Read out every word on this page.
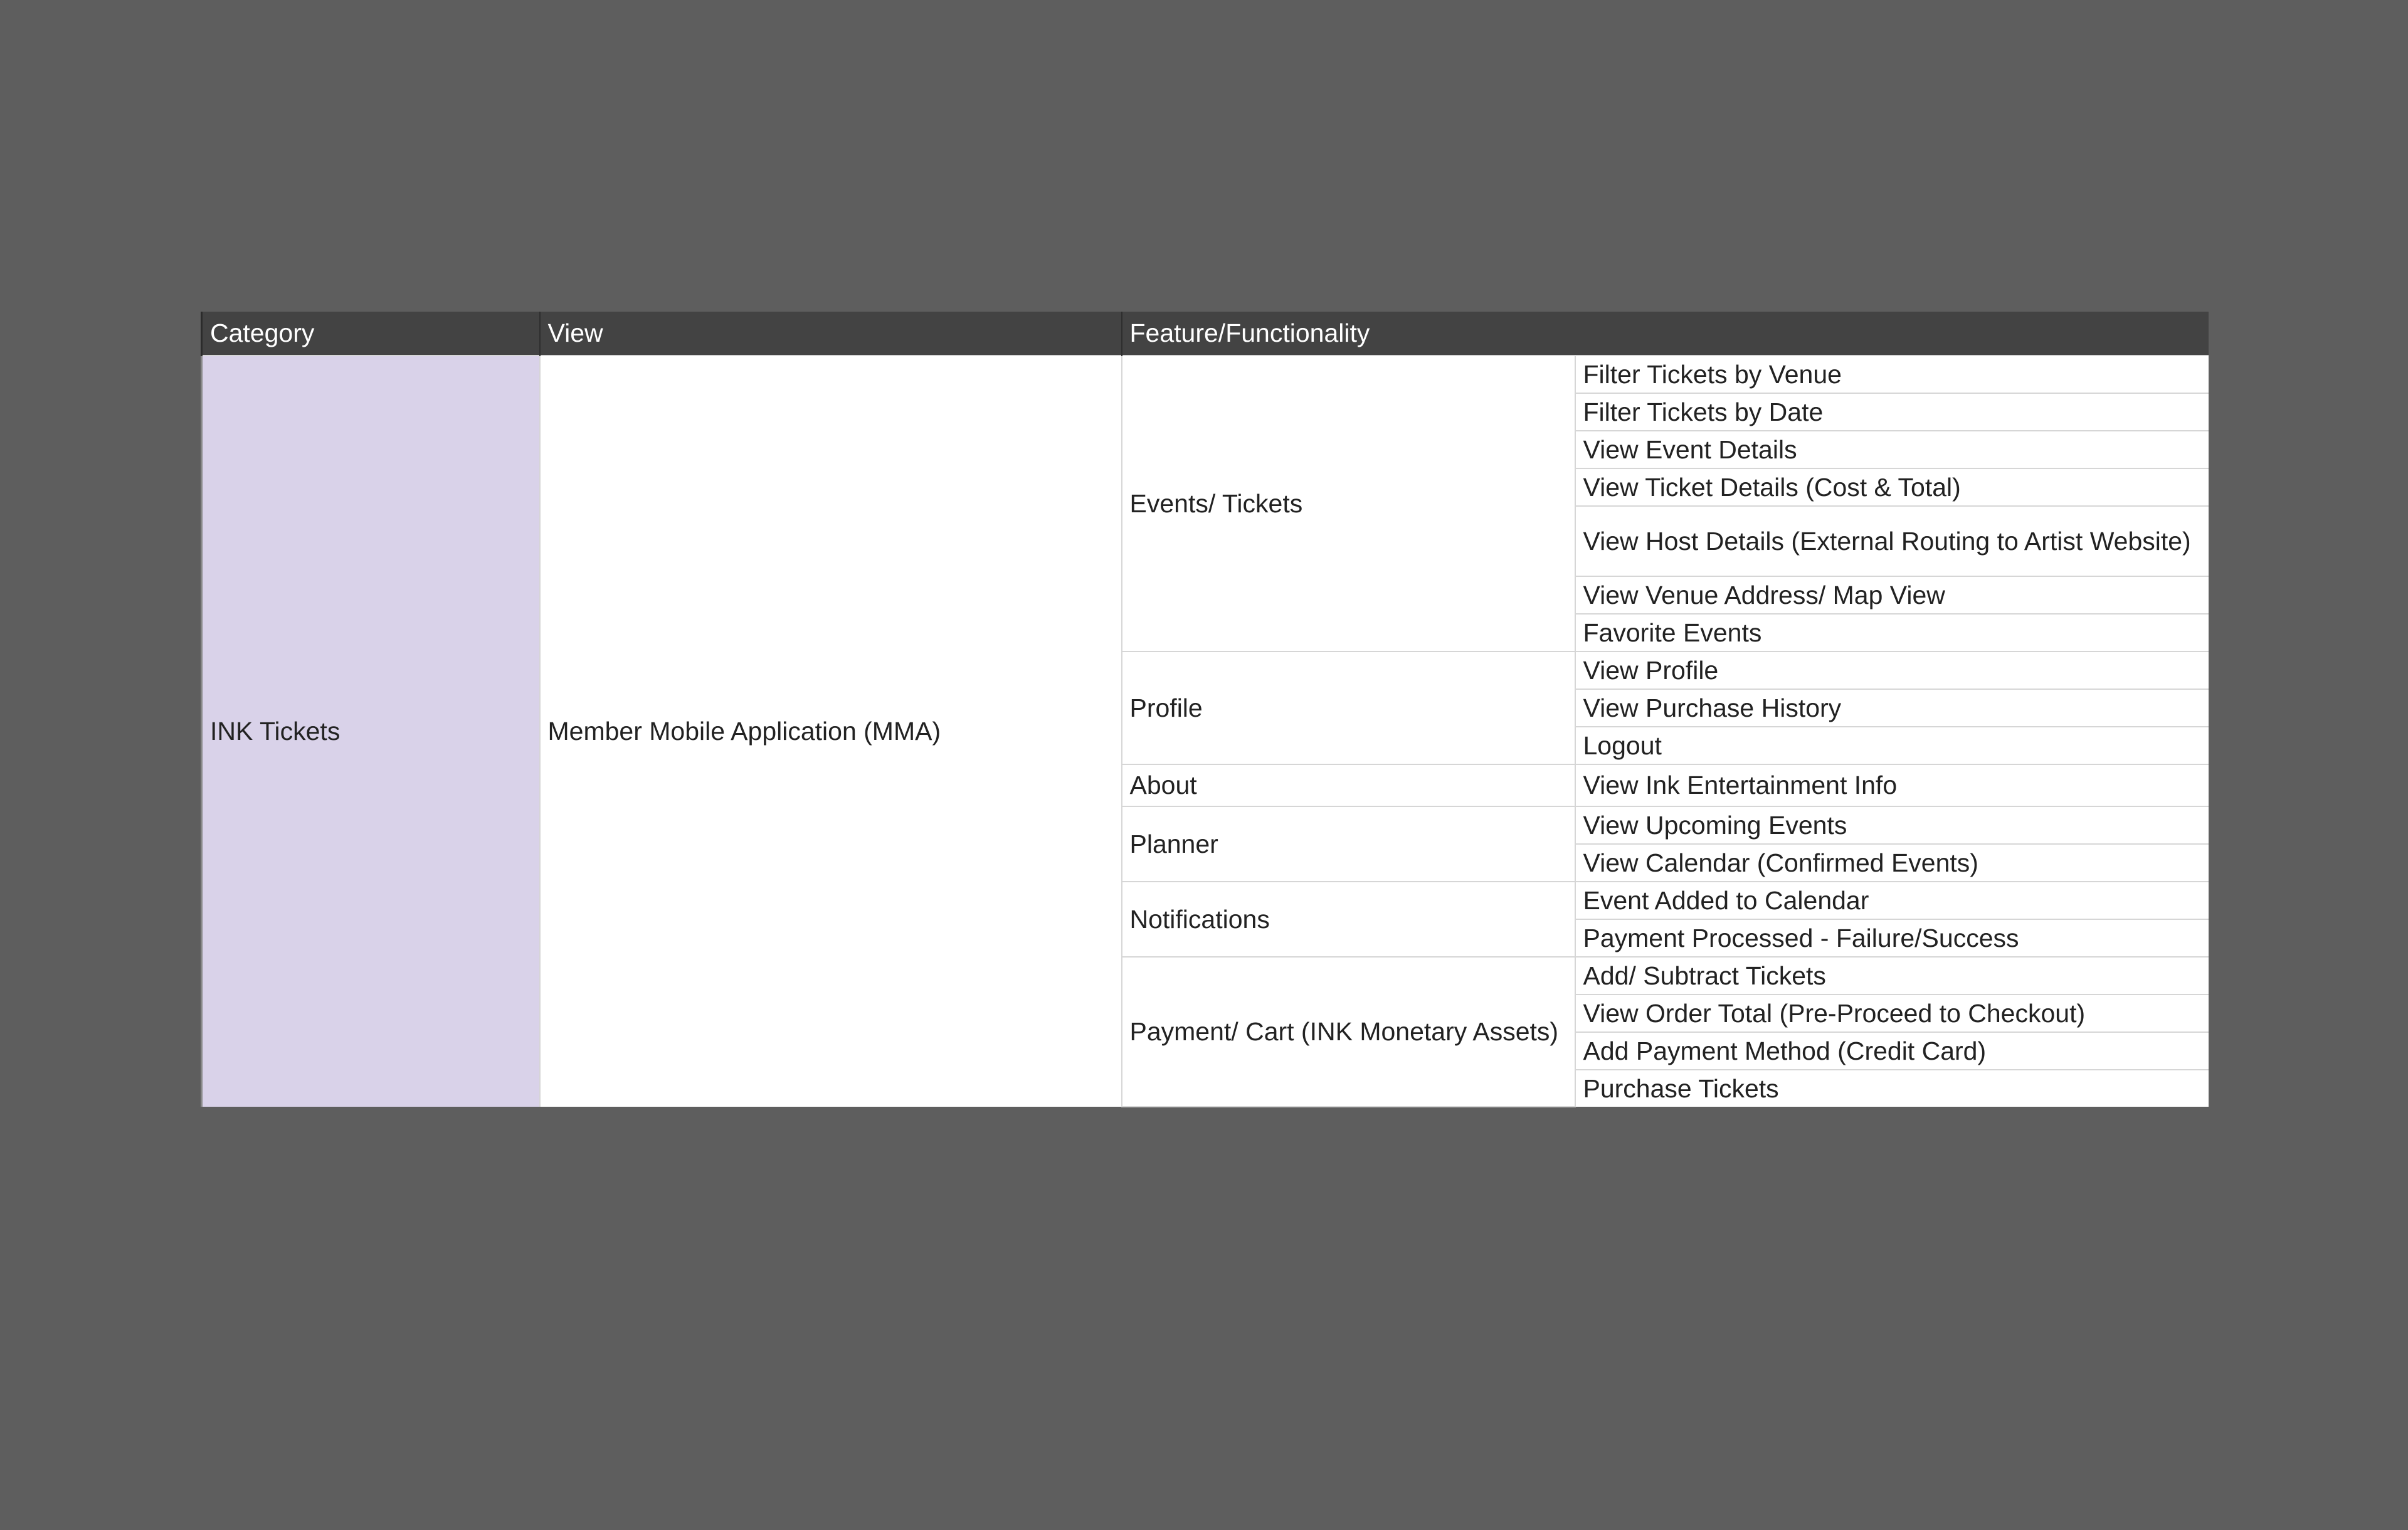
Category	View	Feature/Functionality	
INK Tickets	Member Mobile Application (MMA)	Events/ Tickets	Filter Tickets by Venue
			Filter Tickets by Date
			View Event Details
			View Ticket Details (Cost & Total)
			View Host Details (External Routing to Artist Website)
			View Venue Address/ Map View
			Favorite Events
		Profile	View Profile
			View Purchase History
			Logout
		About	View Ink Entertainment Info
		Planner	View Upcoming Events
			View Calendar (Confirmed Events)
		Notifications	Event Added to Calendar
			Payment Processed - Failure/Success
		Payment/ Cart (INK Monetary Assets)	Add/ Subtract Tickets
			View Order Total (Pre-Proceed to Checkout)
			Add Payment Method (Credit Card)
			Purchase Tickets
